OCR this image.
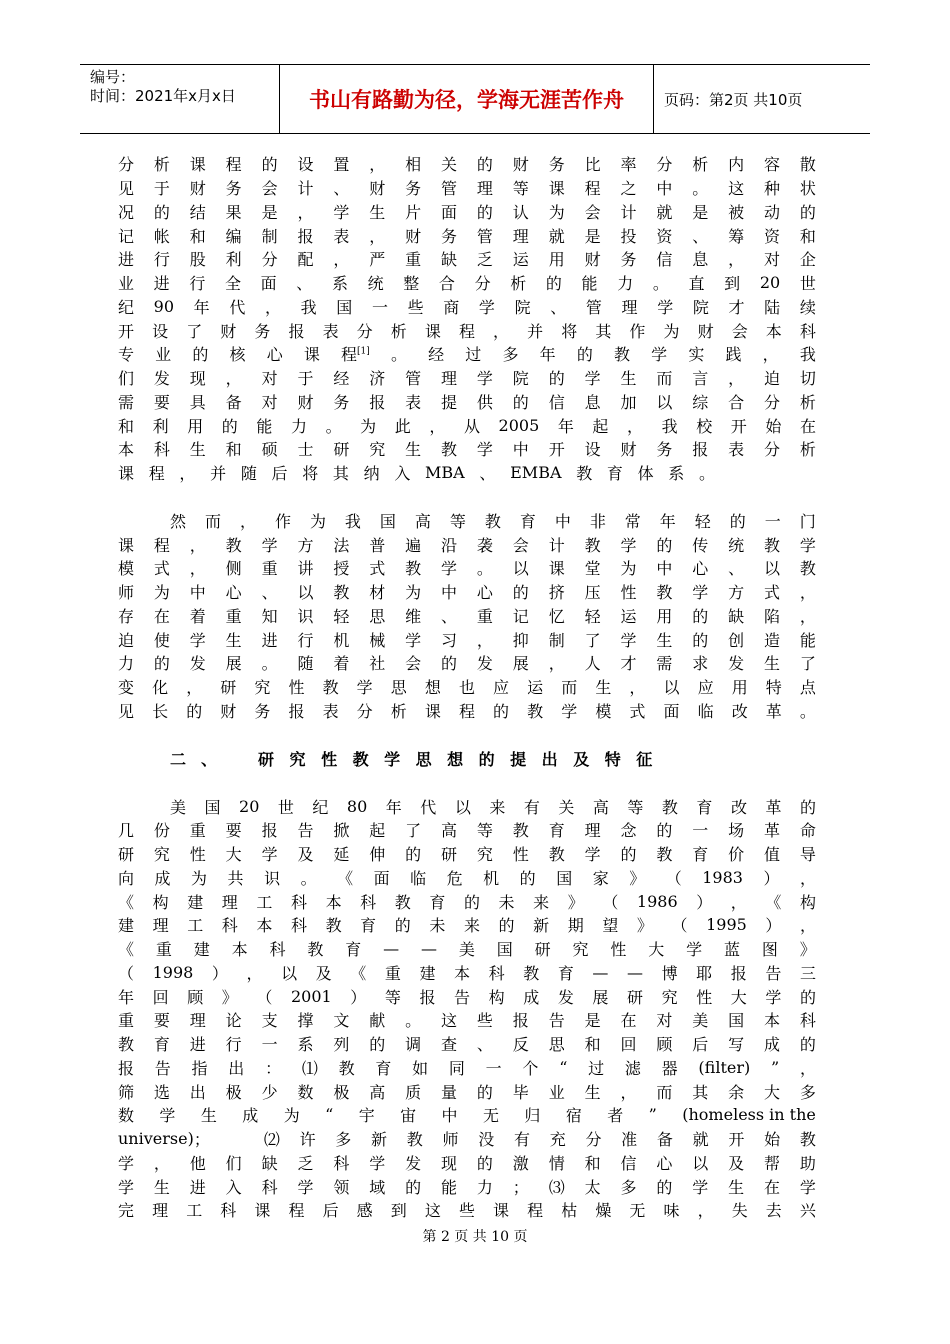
编号：
时间：2021年x月x日	书山有路勤为径，学海无涯苦作舟	页码：第2页 共10页
分 析 课 程 的 设 置 ， 相 关 的 财 务 比 率 分 析 内 容 散
见 于 财 务 会 计 、 财 务 管 理 等 课 程 之 中 。 这 种 状
况 的 结 果 是 ， 学 生 片 面 的 认 为 会 计 就 是 被 动 的
记 帐 和 编 制 报 表 ， 财 务 管 理 就 是 投 资 、 筹 资 和
进 行 股 利 分 配 ， 严 重 缺 乏 运 用 财 务 信 息 ， 对 企
业 进 行 全 面 、 系 统 整 合 分 析 的 能 力 。 直 到 20 世
纪 90 年 代 ， 我 国 一 些 商 学 院 、 管 理 学 院 才 陆 续
开 设 了 财 务 报 表 分 析 课 程 ， 并 将 其 作 为 财 会 本 科
专 业 的 核 心 课 程[1] 。 经 过 多 年 的 教 学 实 践 ， 我
们 发 现 ， 对 于 经 济 管 理 学 院 的 学 生 而 言 ， 迫 切
需 要 具 备 对 财 务 报 表 提 供 的 信 息 加 以 综 合 分 析
和 利 用 的 能 力 。 为 此 ， 从 2005 年 起 ， 我 校 开 始 在
本 科 生 和 硕 士 研 究 生 教 学 中 开 设 财 务 报 表 分 析
课 程 ， 并 随 后 将 其 纳 入 MBA 、 EMBA 教 育 体 系 。
然 而 ， 作 为 我 国 高 等 教 育 中 非 常 年 轻 的 一 门
课 程 ， 教 学 方 法 普 遍 沿 袭 会 计 教 学 的 传 统 教 学
模 式 ， 侧 重 讲 授 式 教 学 。 以 课 堂 为 中 心 、 以 教
师 为 中 心 、 以 教 材 为 中 心 的 挤 压 性 教 学 方 式 ，
存 在 着 重 知 识 轻 思 维 、 重 记 忆 轻 运 用 的 缺 陷 ，
迫 使 学 生 进 行 机 械 学 习 ， 抑 制 了 学 生 的 创 造 能
力 的 发 展 。 随 着 社 会 的 发 展 ， 人 才 需 求 发 生 了
变 化 ， 研 究 性 教 学 思 想 也 应 运 而 生 ， 以 应 用 特 点
见 长 的 财 务 报 表 分 析 课 程 的 教 学 模 式 面 临 改 革 。
二 、	研 究 性 教 学 思 想 的 提 出 及 特 征
美 国 20 世 纪 80 年 代 以 来 有 关 高 等 教 育 改 革 的
几 份 重 要 报 告 掀 起 了 高 等 教 育 理 念 的 一 场 革 命
研 究 性 大 学 及 延 伸 的 研 究 性 教 学 的 教 育 价 值 导
向 成 为 共 识 。 《 面 临 危 机 的 国 家 》 （ 1983 ） ，
《 构 建 理 工 科 本 科 教 育 的 未 来 》 （ 1986 ） ， 《 构
建 理 工 科 本 科 教 育 的 未 来 的 新 期 望 》 （ 1995 ） ，
《 重 建 本 科 教 育 — — 美 国 研 究 性 大 学 蓝 图 》
（ 1998 ） ， 以 及 《 重 建 本 科 教 育 — — 博 耶 报 告 三
年 回 顾 》 （ 2001 ） 等 报 告 构 成 发 展 研 究 性 大 学 的
重 要 理 论 支 撑 文 献 。 这 些 报 告 是 在 对 美 国 本 科
教 育 进 行 一 系 列 的 调 查 、 反 思 和 回 顾 后 写 成 的
报 告 指 出 ： ⑴ 教 育 如 同 一 个 “ 过 滤 器 (filter) ” ，
筛 选 出 极 少 数 极 高 质 量 的 毕 业 生 ， 而 其 余 大 多
数 学 生 成 为 “ 宇 宙 中 无 归 宿 者 ” (homeless in the
universe) ；	⑵ 许 多 新 教 师 没 有 充 分 准 备 就 开 始 教
学 ， 他 们 缺 乏 科 学 发 现 的 激 情 和 信 心 以 及 帮 助
学 生 进 入 科 学 领 域 的 能 力 ； ⑶ 太 多 的 学 生 在 学
完 理 工 科 课 程 后 感 到 这 些 课 程 枯 燥 无 味 ， 失 去 兴
第 2 页 共 10 页
